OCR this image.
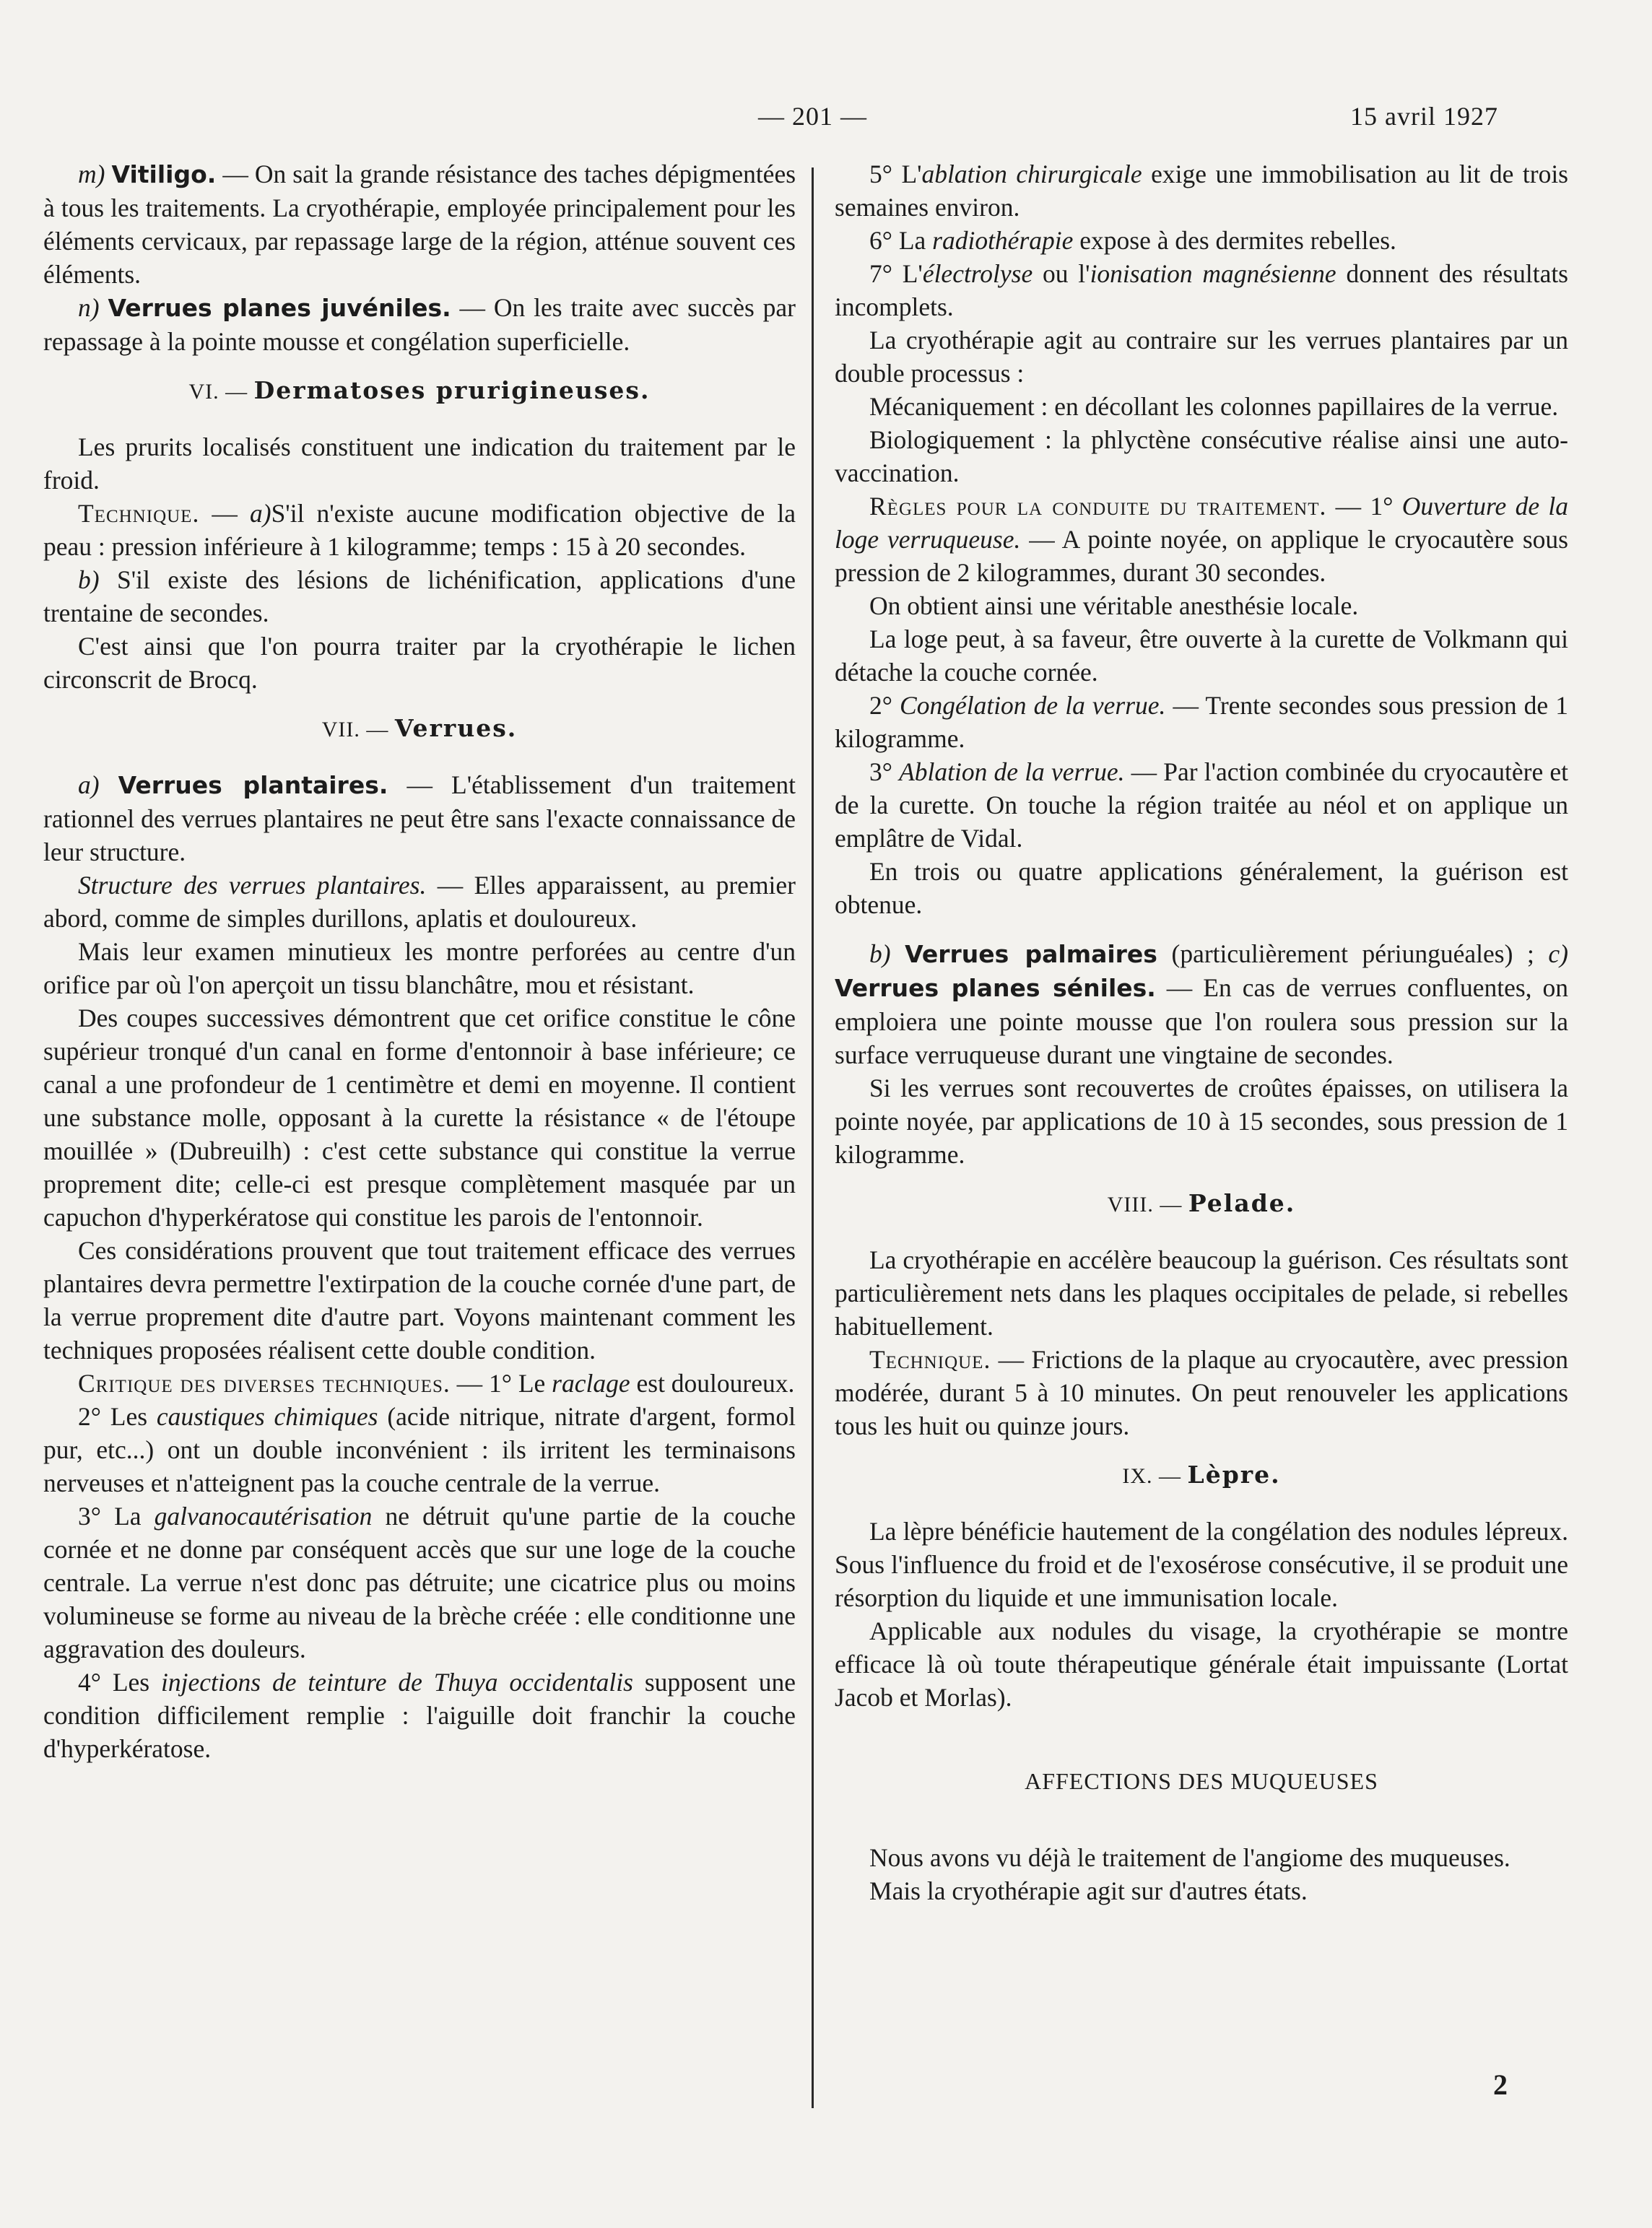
— 201 —	15 avril 1927

m) Vitiligo. — On sait la grande résistance des taches dépigmentées à tous les traitements. La cryothérapie, employée principalement pour les éléments cervicaux, par repassage large de la région, atténue souvent ces éléments.

n) Verrues planes juvéniles. — On les traite avec succès par repassage à la pointe mousse et congélation superficielle.

VI. — Dermatoses prurigineuses.

Les prurits localisés constituent une indication du traitement par le froid.

Technique. — a)S'il n'existe aucune modification objective de la peau : pression inférieure à 1 kilogramme; temps : 15 à 20 secondes.

b) S'il existe des lésions de lichénification, applications d'une trentaine de secondes.

C'est ainsi que l'on pourra traiter par la cryothérapie le lichen circonscrit de Brocq.

VII. — Verrues.

a) Verrues plantaires. — L'établissement d'un traitement rationnel des verrues plantaires ne peut être sans l'exacte connaissance de leur structure.

Structure des verrues plantaires. — Elles apparaissent, au premier abord, comme de simples durillons, aplatis et douloureux.

Mais leur examen minutieux les montre perforées au centre d'un orifice par où l'on aperçoit un tissu blanchâtre, mou et résistant.

Des coupes successives démontrent que cet orifice constitue le cône supérieur tronqué d'un canal en forme d'entonnoir à base inférieure; ce canal a une profondeur de 1 centimètre et demi en moyenne. Il contient une substance molle, opposant à la curette la résistance « de l'étoupe mouillée » (Dubreuilh) : c'est cette substance qui constitue la verrue proprement dite; celle-ci est presque complètement masquée par un capuchon d'hyperkératose qui constitue les parois de l'entonnoir.

Ces considérations prouvent que tout traitement efficace des verrues plantaires devra permettre l'extirpation de la couche cornée d'une part, de la verrue proprement dite d'autre part. Voyons maintenant comment les techniques proposées réalisent cette double condition.

Critique des diverses techniques. — 1° Le raclage est douloureux.

2° Les caustiques chimiques (acide nitrique, nitrate d'argent, formol pur, etc...) ont un double inconvénient : ils irritent les terminaisons nerveuses et n'atteignent pas la couche centrale de la verrue.

3° La galvanocautérisation ne détruit qu'une partie de la couche cornée et ne donne par conséquent accès que sur une loge de la couche centrale. La verrue n'est donc pas détruite; une cicatrice plus ou moins volumineuse se forme au niveau de la brèche créée : elle conditionne une aggravation des douleurs.

4° Les injections de teinture de Thuya occidentalis supposent une condition difficilement remplie : l'aiguille doit franchir la couche d'hyperkératose.

5° L'ablation chirurgicale exige une immobilisation au lit de trois semaines environ.

6° La radiothérapie expose à des dermites rebelles.

7° L'électrolyse ou l'ionisation magnésienne donnent des résultats incomplets.

La cryothérapie agit au contraire sur les verrues plantaires par un double processus :

Mécaniquement : en décollant les colonnes papillaires de la verrue.

Biologiquement : la phlyctène consécutive réalise ainsi une auto-vaccination.

Règles pour la conduite du traitement. — 1° Ouverture de la loge verruqueuse. — A pointe noyée, on applique le cryocautère sous pression de 2 kilogrammes, durant 30 secondes.

On obtient ainsi une véritable anesthésie locale.

La loge peut, à sa faveur, être ouverte à la curette de Volkmann qui détache la couche cornée.

2° Congélation de la verrue. — Trente secondes sous pression de 1 kilogramme.

3° Ablation de la verrue. — Par l'action combinée du cryocautère et de la curette. On touche la région traitée au néol et on applique un emplâtre de Vidal.

En trois ou quatre applications généralement, la guérison est obtenue.

b) Verrues palmaires (particulièrement périunguéales) ; c) Verrues planes séniles. — En cas de verrues confluentes, on emploiera une pointe mousse que l'on roulera sous pression sur la surface verruqueuse durant une vingtaine de secondes.

Si les verrues sont recouvertes de croûtes épaisses, on utilisera la pointe noyée, par applications de 10 à 15 secondes, sous pression de 1 kilogramme.

VIII. — Pelade.

La cryothérapie en accélère beaucoup la guérison. Ces résultats sont particulièrement nets dans les plaques occipitales de pelade, si rebelles habituellement.

Technique. — Frictions de la plaque au cryocautère, avec pression modérée, durant 5 à 10 minutes. On peut renouveler les applications tous les huit ou quinze jours.

IX. — Lèpre.

La lèpre bénéficie hautement de la congélation des nodules lépreux. Sous l'influence du froid et de l'exosérose consécutive, il se produit une résorption du liquide et une immunisation locale.

Applicable aux nodules du visage, la cryothérapie se montre efficace là où toute thérapeutique générale était impuissante (Lortat Jacob et Morlas).

AFFECTIONS DES MUQUEUSES

Nous avons vu déjà le traitement de l'angiome des muqueuses.

Mais la cryothérapie agit sur d'autres états.

2
